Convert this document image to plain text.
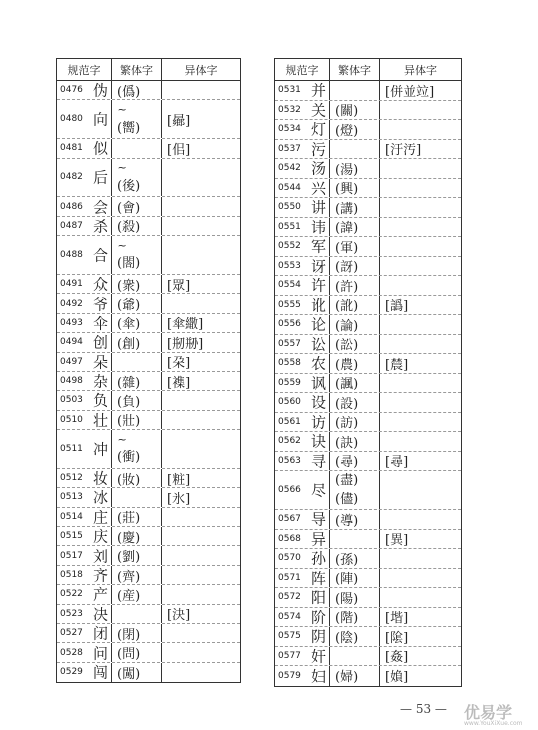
规范字	繁体字	异体字
0476 伪 (僞)
0480 向
~
(嚮)	[曏]
0481 似	[佀]
0482 后
~
(後)
0486 会 (會)
0487 杀 (殺)
0488 合
~
(閤)
0491 众 (衆)	[眾]
0492 爷 (爺)
0493 伞 (傘)	[傘繖]
0494 创 (創)	[剏剙]
0497 朵	[朶]
0498 杂 (雜)	[襍]
0503 负 (負)
0510 壮 (壯)
0511 冲
~
(衝)
0512 妆 (妝)	[粧]
0513 冰	[氷]
0514 庄 (莊)
0515 庆 (慶)
0517 刘 (劉)
0518 齐 (齊)
0522 产 (産)
0523 决	[決]
0527 闭 (閉)
0528 问 (問)
0529 闯 (闖)
规范字	繁体字	异体字
0531 并	[併並竝]
0532 关 (關)
0534 灯 (燈)
0537 污	[汙汚]
0542 汤 (湯)
0544 兴 (興)
0550 讲 (講)
0551 讳 (諱)
0552 军 (軍)
0553 讶 (訝)
0554 许 (許)
0555 讹 (訛)	[譌]
0556 论 (論)
0557 讼 (訟)
0558 农 (農)	[辳]
0559 讽 (諷)
0560 设 (設)
0561 访 (訪)
0562 诀 (訣)
0563 寻 (尋)	[尋]
0566 尽
(盡)
(儘)
0567 导 (導)
0568 异	[異]
0570 孙 (孫)
0571 阵 (陣)
0572 阳 (陽)
0574 阶 (階)	[堦]
0575 阴 (陰)	[隂]
0577 奸	[姦]
0579 妇 (婦)	[媍]
— 53 — 优易学
www.YouXiXue.com
